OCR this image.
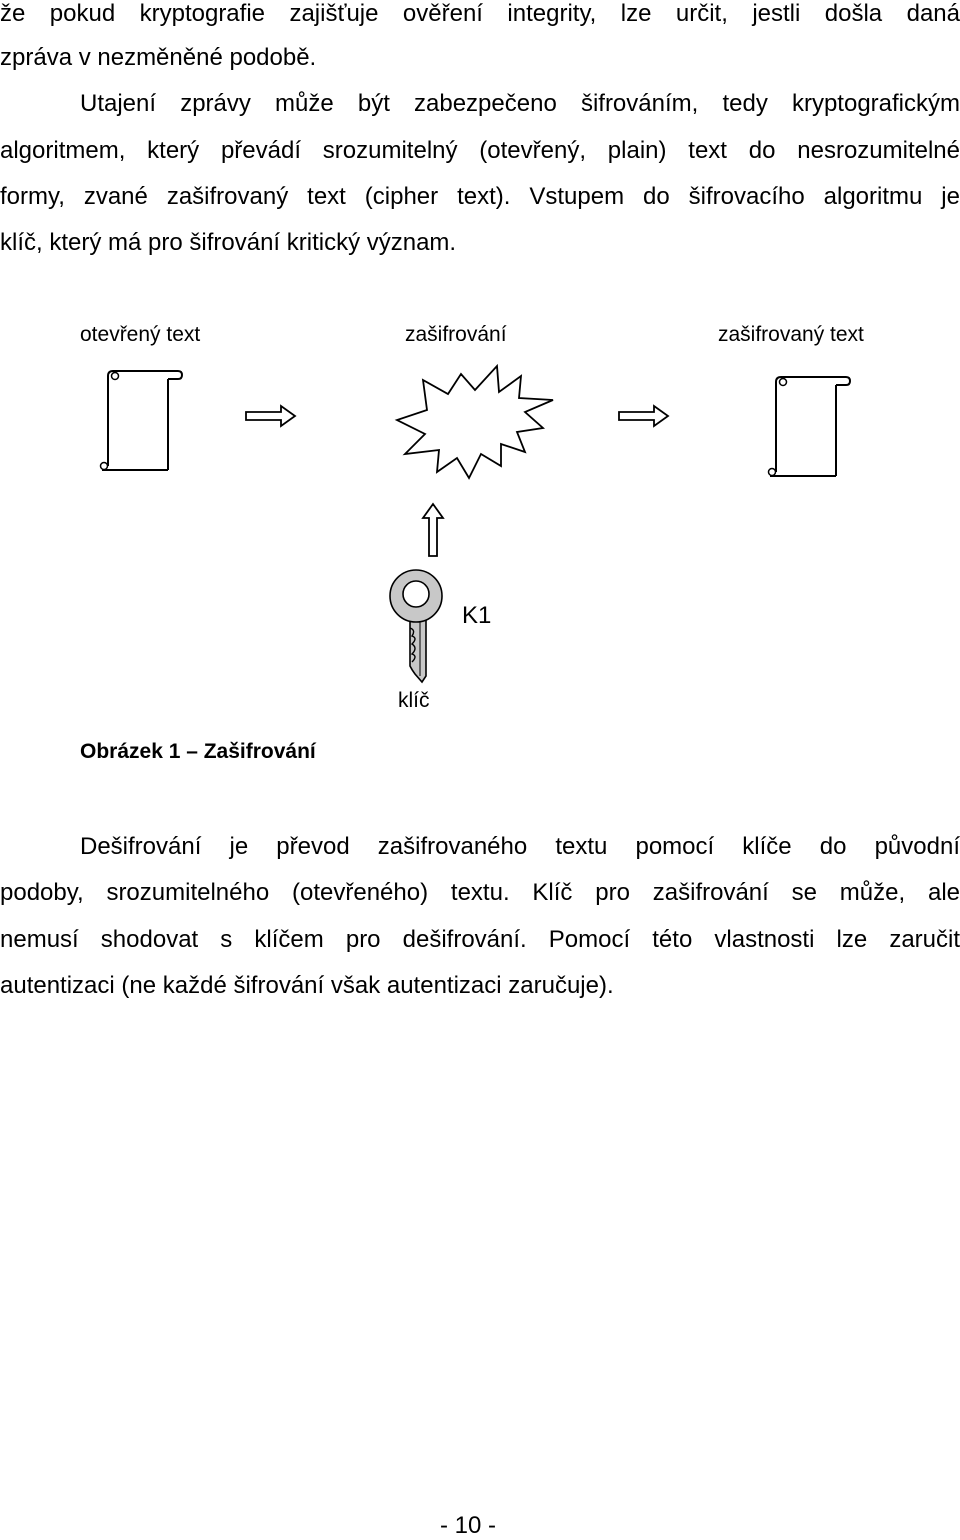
že pokud kryptografie zajišťuje ověření integrity, lze určit, jestli došla daná
zpráva v nezměněné podobě.
Utajení zprávy může být zabezpečeno šifrováním, tedy kryptografickým
algoritmem, který převádí srozumitelný (otevřený, plain) text do nesrozumitelné
formy, zvané zašifrovaný text (cipher text). Vstupem do šifrovacího algoritmu je
klíč, který má pro šifrování kritický význam.
otevřený text	zašifrování	zašifrovaný text
K1
klíč
Obrázek 1 – Zašifrování
Dešifrování je převod zašifrovaného textu pomocí klíče do původní
podoby, srozumitelného (otevřeného) textu. Klíč pro zašifrování se může, ale
nemusí shodovat s klíčem pro dešifrování. Pomocí této vlastnosti lze zaručit
autentizaci (ne každé šifrování však autentizaci zaručuje).
- 10 -
